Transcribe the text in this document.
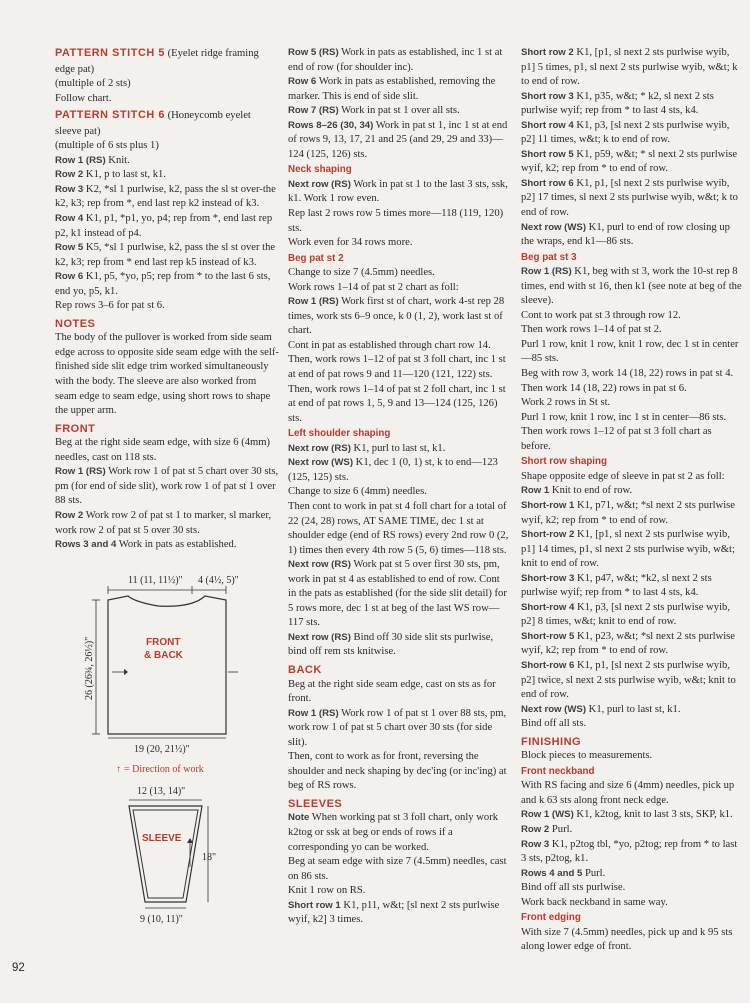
PATTERN STITCH 5 (Eyelet ridge framing edge pat)
(multiple of 2 sts)
Follow chart.
PATTERN STITCH 6 (Honeycomb eyelet sleeve pat)
(multiple of 6 sts plus 1)
Row 1 (RS) Knit.
Row 2 K1, p to last st, k1.
Row 3 K2, *sl 1 purlwise, k2, pass the sl st over-the k2, k3; rep from *, end last rep k2 instead of k3.
Row 4 K1, p1, *p1, yo, p4; rep from *, end last rep p2, k1 instead of p4.
Row 5 K5, *sl 1 purlwise, k2, pass the sl st over the k2, k3; rep from * end last rep k5 instead of k3.
Row 6 K1, p5, *yo, p5; rep from * to the last 6 sts, end yo, p5, k1.
Rep rows 3–6 for pat st 6.
NOTES
The body of the pullover is worked from side seam edge across to opposite side seam edge with the self-finished side slit edge trim worked simultaneously with the body. The sleeve are also worked from seam edge to seam edge, using short rows to shape the upper arm.
FRONT
Beg at the right side seam edge, with size 6 (4mm) needles, cast on 118 sts.
Row 1 (RS) Work row 1 of pat st 5 chart over 30 sts, pm (for end of side slit), work row 1 of pat st 1 over 88 sts.
Row 2 Work row 2 of pat st 1 to marker, sl marker, work row 2 of pat st 5 over 30 sts.
Rows 3 and 4 Work in pats as established.
Row 5 (RS) Work in pats as established, inc 1 st at end of row (for shoulder inc).
Row 6 Work in pats as established, removing the marker. This is end of side slit.
Row 7 (RS) Work in pat st 1 over all sts.
Rows 8–26 (30, 34) Work in pat st 1, inc 1 st at end of rows 9, 13, 17, 21 and 25 (and 29, 29 and 33)—124 (125, 126) sts.
Neck shaping
Next row (RS) Work in pat st 1 to the last 3 sts, ssk, k1. Work 1 row even.
Rep last 2 rows row 5 times more—118 (119, 120) sts.
Work even for 34 rows more.
Beg pat st 2
Change to size 7 (4.5mm) needles.
Work rows 1–14 of pat st 2 chart as foll:
Row 1 (RS) Work first st of chart, work 4-st rep 28 times, work sts 6–9 once, k 0 (1, 2), work last st of chart.
Cont in pat as established through chart row 14. Then, work rows 1–12 of pat st 3 foll chart, inc 1 st at end of pat rows 9 and 11—120 (121, 122) sts. Then, work rows 1–14 of pat st 2 foll chart, inc 1 st at end of pat rows 1, 5, 9 and 13—124 (125, 126) sts.
Left shoulder shaping
Next row (RS) K1, purl to last st, k1.
Next row (WS) K1, dec 1 (0, 1) st, k to end—123 (125, 125) sts.
Change to size 6 (4mm) needles.
Then cont to work in pat st 4 foll chart for a total of 22 (24, 28) rows, AT SAME TIME, dec 1 st at shoulder edge (end of RS rows) every 2nd row 0 (2, 1) times then every 4th row 5 (5, 6) times—118 sts.
Next row (RS) Work pat st 5 over first 30 sts, pm, work in pat st 4 as established to end of row. Cont in the pats as established (for the side slit detail) for 5 rows more, dec 1 st at beg of the last WS row—117 sts.
Next row (RS) Bind off 30 side slit sts purlwise, bind off rem sts knitwise.
BACK
Beg at the right side seam edge, cast on sts as for front.
Row 1 (RS) Work row 1 of pat st 1 over 88 sts, pm, work row 1 of pat st 5 chart over 30 sts (for side slit).
Then, cont to work as for front, reversing the shoulder and neck shaping by dec'ing (or inc'ing) at beg of RS rows.
SLEEVES
Note When working pat st 3 foll chart, only work k2tog or ssk at beg or ends of rows if a corresponding yo can be worked.
Beg at seam edge with size 7 (4.5mm) needles, cast on 86 sts.
Knit 1 row on RS.
Short row 1 K1, p11, w&t; [sl next 2 sts purlwise wyif, k2] 3 times.
Short row 2 K1, [p1, sl next 2 sts purlwise wyib, p1] 5 times, p1, sl next 2 sts purlwise wyib, w&t; k to end of row.
Short row 3 K1, p35, w&t; * k2, sl next 2 sts purlwise wyif; rep from * to last 4 sts, k4.
Short row 4 K1, p3, [sl next 2 sts purlwise wyib, p2] 11 times, w&t; k to end of row.
Short row 5 K1, p59, w&t; * sl next 2 sts purlwise wyif, k2; rep from * to end of row.
Short row 6 K1, p1, [sl next 2 sts purlwise wyib, p2] 17 times, sl next 2 sts purlwise wyib, w&t; k to end of row.
Next row (WS) K1, purl to end of row closing up the wraps, end k1—86 sts.
Beg pat st 3
Row 1 (RS) K1, beg with st 3, work the 10-st rep 8 times, end with st 16, then k1 (see note at beg of the sleeve).
Cont to work pat st 3 through row 12.
Then work rows 1–14 of pat st 2.
Purl 1 row, knit 1 row, knit 1 row, dec 1 st in center—85 sts.
Beg with row 3, work 14 (18, 22) rows in pat st 4.
Then work 14 (18, 22) rows in pat st 6.
Work 2 rows in St st.
Purl 1 row, knit 1 row, inc 1 st in center—86 sts.
Then work rows 1–12 of pat st 3 foll chart as before.
Short row shaping
Shape opposite edge of sleeve in pat st 2 as foll:
Row 1 Knit to end of row.
Short-row 1 K1, p71, w&t; *sl next 2 sts purlwise wyif, k2; rep from * to end of row.
Short-row 2 K1, [p1, sl next 2 sts purlwise wyib, p1] 14 times, p1, sl next 2 sts purlwise wyib, w&t; knit to end of row.
Short-row 3 K1, p47, w&t; *k2, sl next 2 sts purlwise wyif; rep from * to last 4 sts, k4.
Short-row 4 K1, p3, [sl next 2 sts purlwise wyib, p2] 8 times, w&t; knit to end of row.
Short-row 5 K1, p23, w&t; *sl next 2 sts purlwise wyif, k2; rep from * to end of row.
Short-row 6 K1, p1, [sl next 2 sts purlwise wyib, p2] twice, sl next 2 sts purlwise wyib, w&t; knit to end of row.
Next row (WS) K1, purl to last st, k1.
Bind off all sts.
FINISHING
Block pieces to measurements.
Front neckband
With RS facing and size 6 (4mm) needles, pick up and k 63 sts along front neck edge.
Row 1 (WS) K1, k2tog, knit to last 3 sts, SKP, k1.
Row 2 Purl.
Row 3 K1, p2tog tbl, *yo, p2tog; rep from * to last 3 sts, p2tog, k1.
Rows 4 and 5 Purl.
Bind off all sts purlwise.
Work back neckband in same way.
Front edging
With size 7 (4.5mm) needles, pick up and k 95 sts along lower edge of front.
11 (11, 11½)" 4 (4½, 5)"
FRONT
& BACK
26 (26¾, 26½)"
19 (20, 21½)"
↑ = Direction of work
12 (13, 14)"
SLEEVE
18"
9 (10, 11)"
92
